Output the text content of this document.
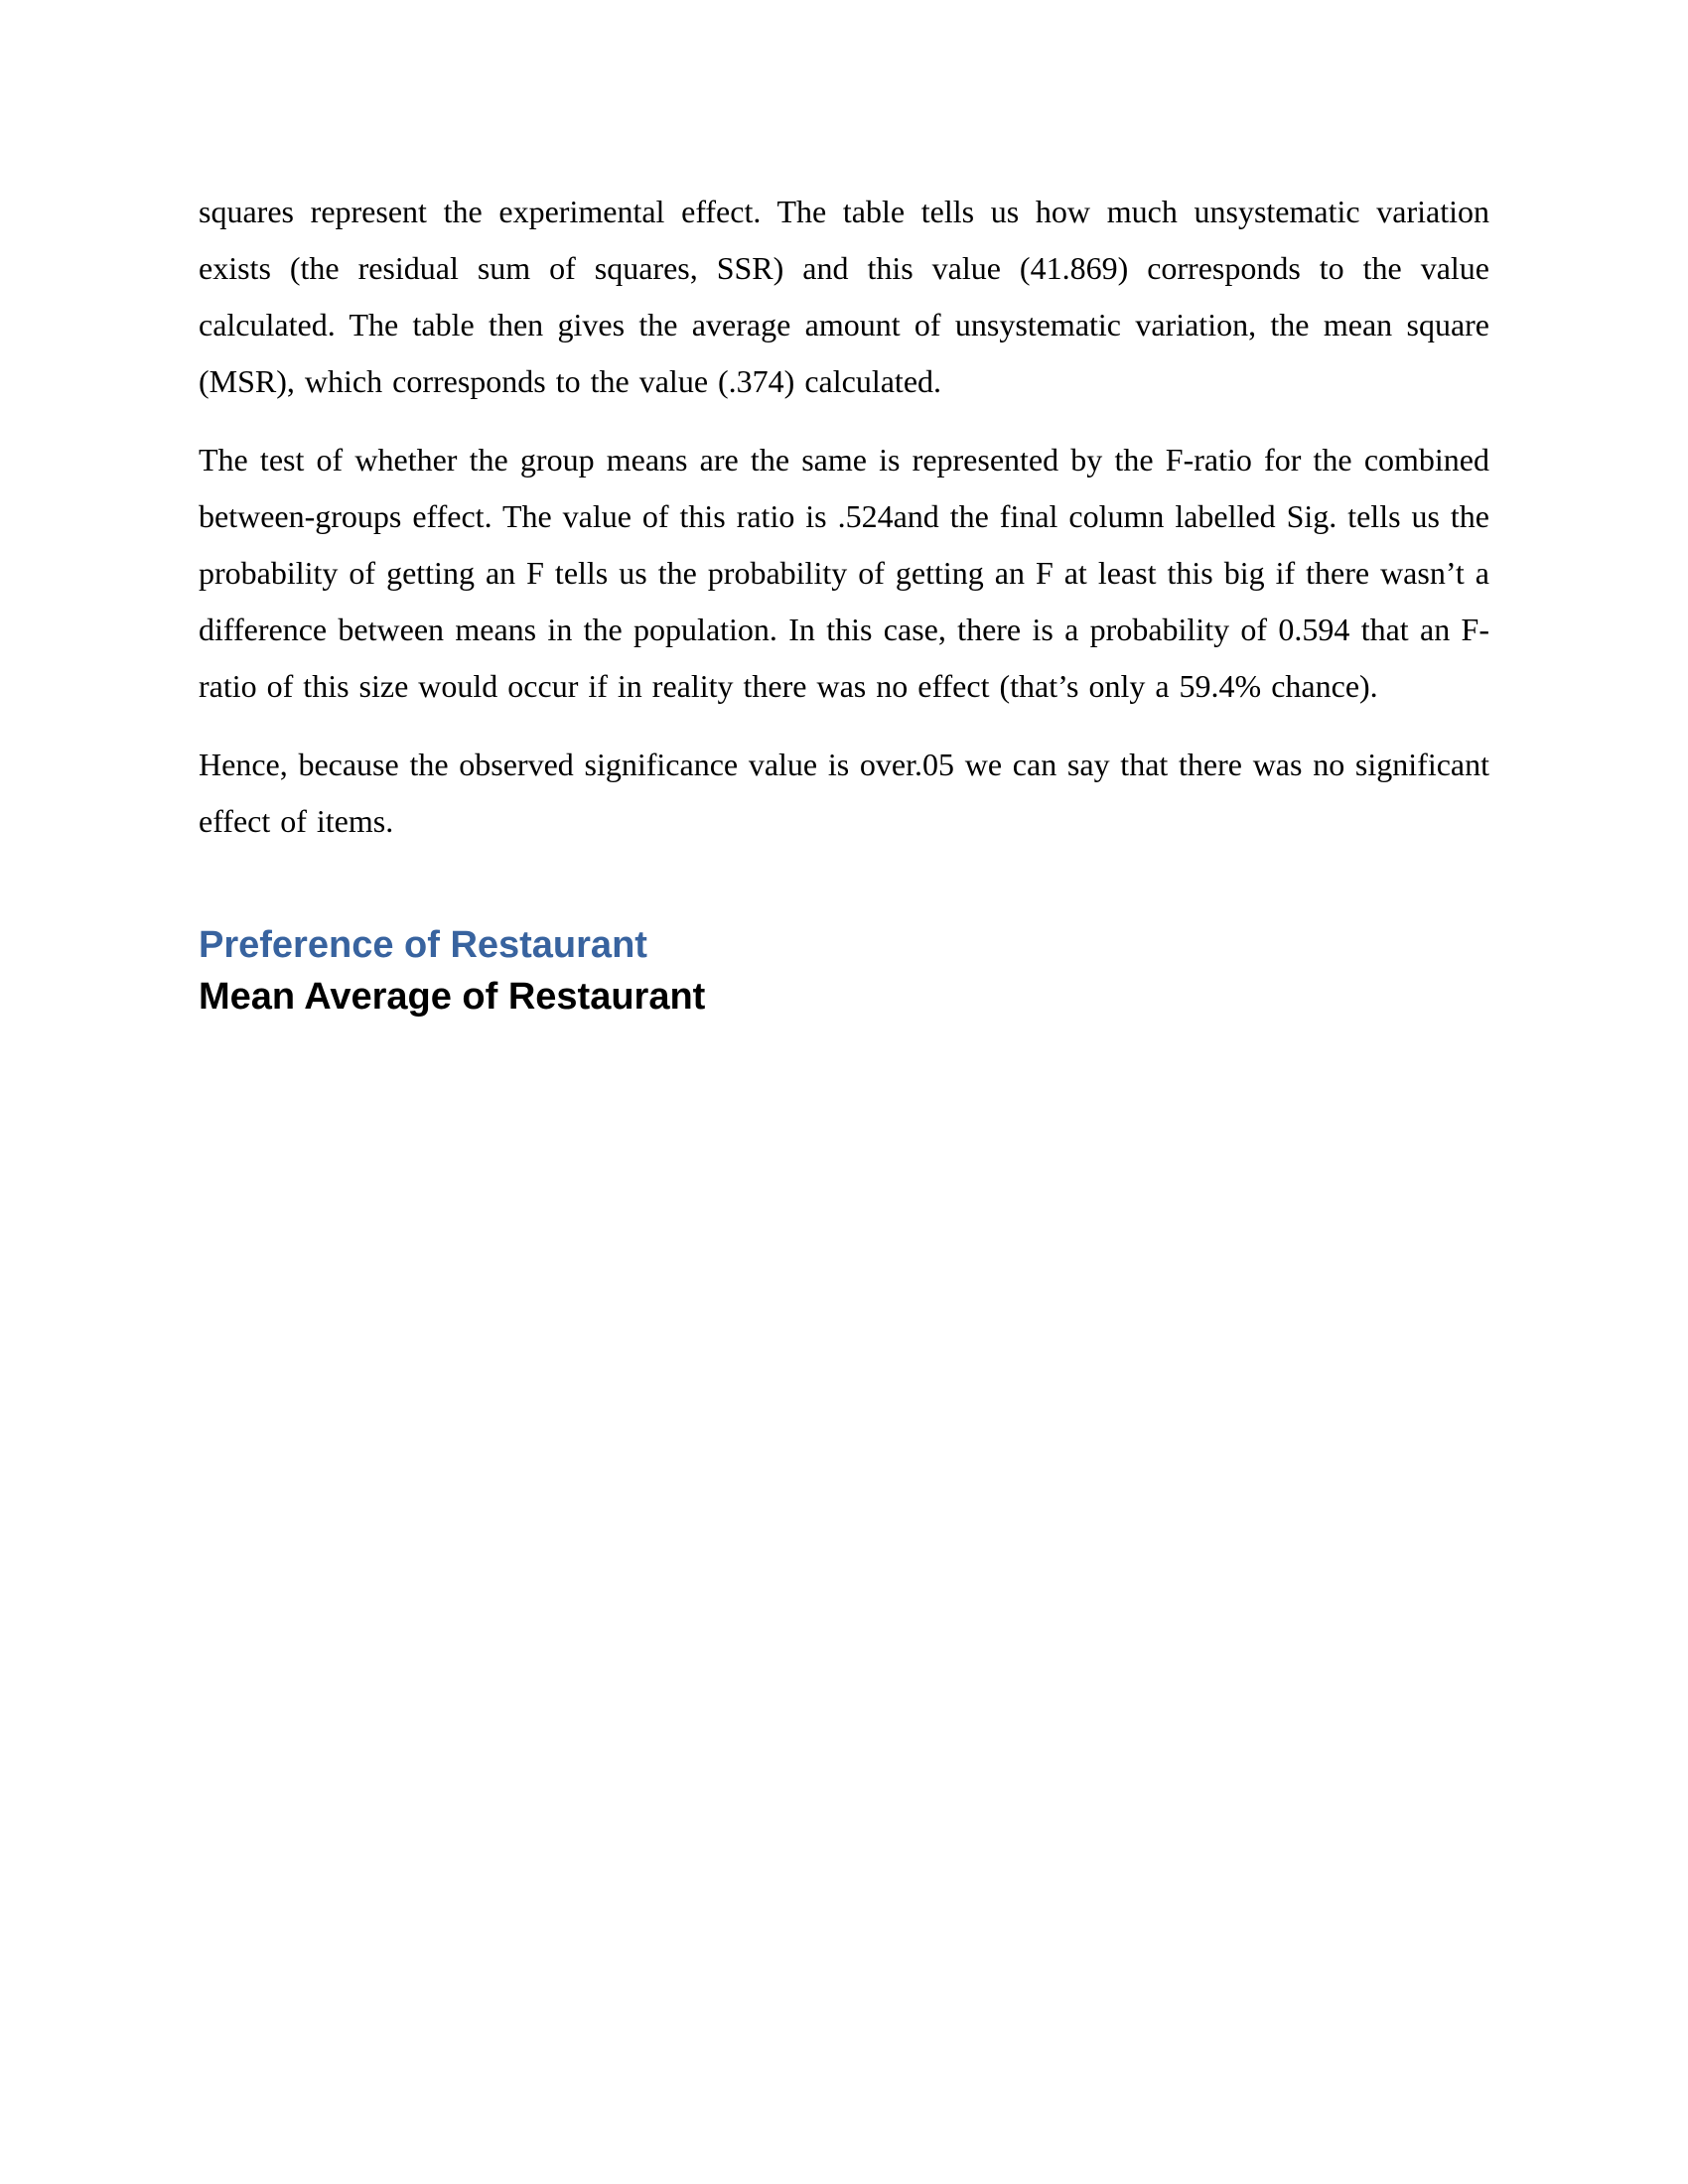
squares represent the experimental effect. The table tells us how much unsystematic variation exists (the residual sum of squares, SSR) and this value (41.869) corresponds to the value calculated. The table then gives the average amount of unsystematic variation, the mean square (MSR), which corresponds to the value (.374) calculated.

The test of whether the group means are the same is represented by the F-ratio for the combined between-groups effect. The value of this ratio is .524and the final column labelled Sig. tells us the probability of getting an F tells us the probability of getting an F at least this big if there wasn’t a difference between means in the population. In this case, there is a probability of 0.594 that an F-ratio of this size would occur if in reality there was no effect (that’s only a 59.4% chance).

Hence, because the observed significance value is over.05 we can say that there was no significant effect of items.

Preference of Restaurant
Mean Average of Restaurant
